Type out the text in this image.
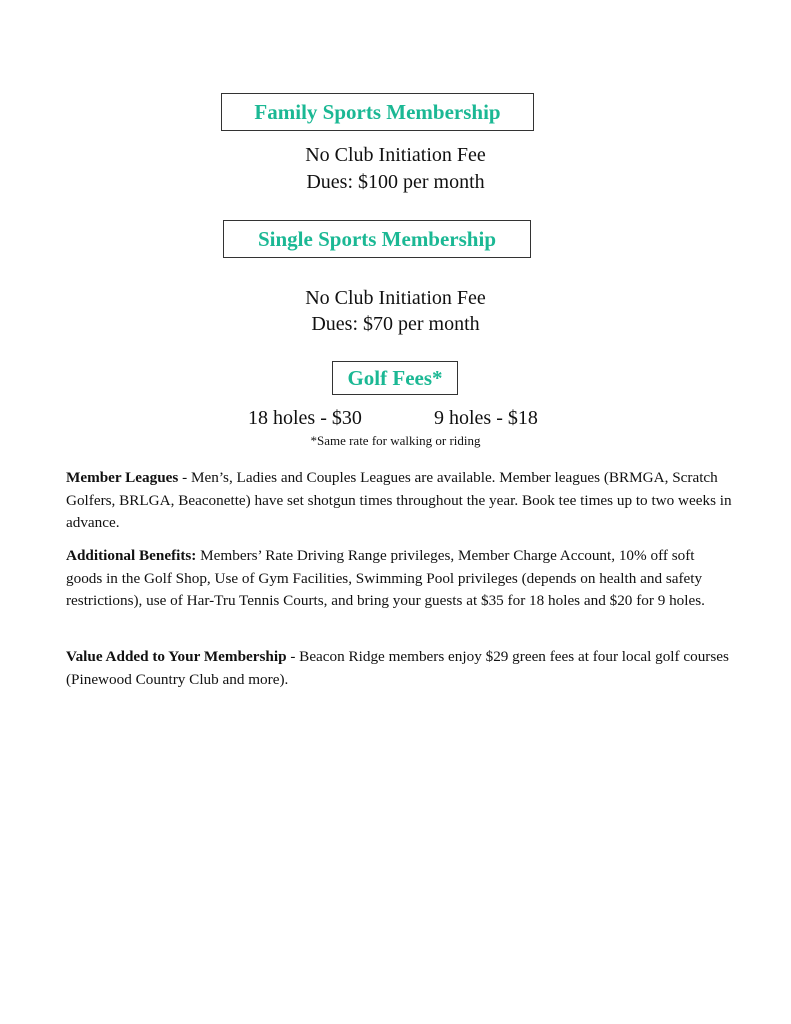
Family Sports Membership
No Club Initiation Fee
Dues: $100 per month
Single Sports Membership
No Club Initiation Fee
Dues: $70 per month
Golf Fees*
18 holes - $30	9 holes - $18
*Same rate for walking or riding
Member Leagues - Men’s, Ladies and Couples Leagues are available. Member leagues (BRMGA, Scratch Golfers, BRLGA, Beaconette) have set shotgun times throughout the year. Book tee times up to two weeks in advance.
Additional Benefits: Members’ Rate Driving Range privileges, Member Charge Account, 10% off soft goods in the Golf Shop, Use of Gym Facilities, Swimming Pool privileges (depends on health and safety restrictions), use of Har-Tru Tennis Courts, and bring your guests at $35 for 18 holes and $20 for 9 holes.
Value Added to Your Membership - Beacon Ridge members enjoy $29 green fees at four local golf courses (Pinewood Country Club and more).
